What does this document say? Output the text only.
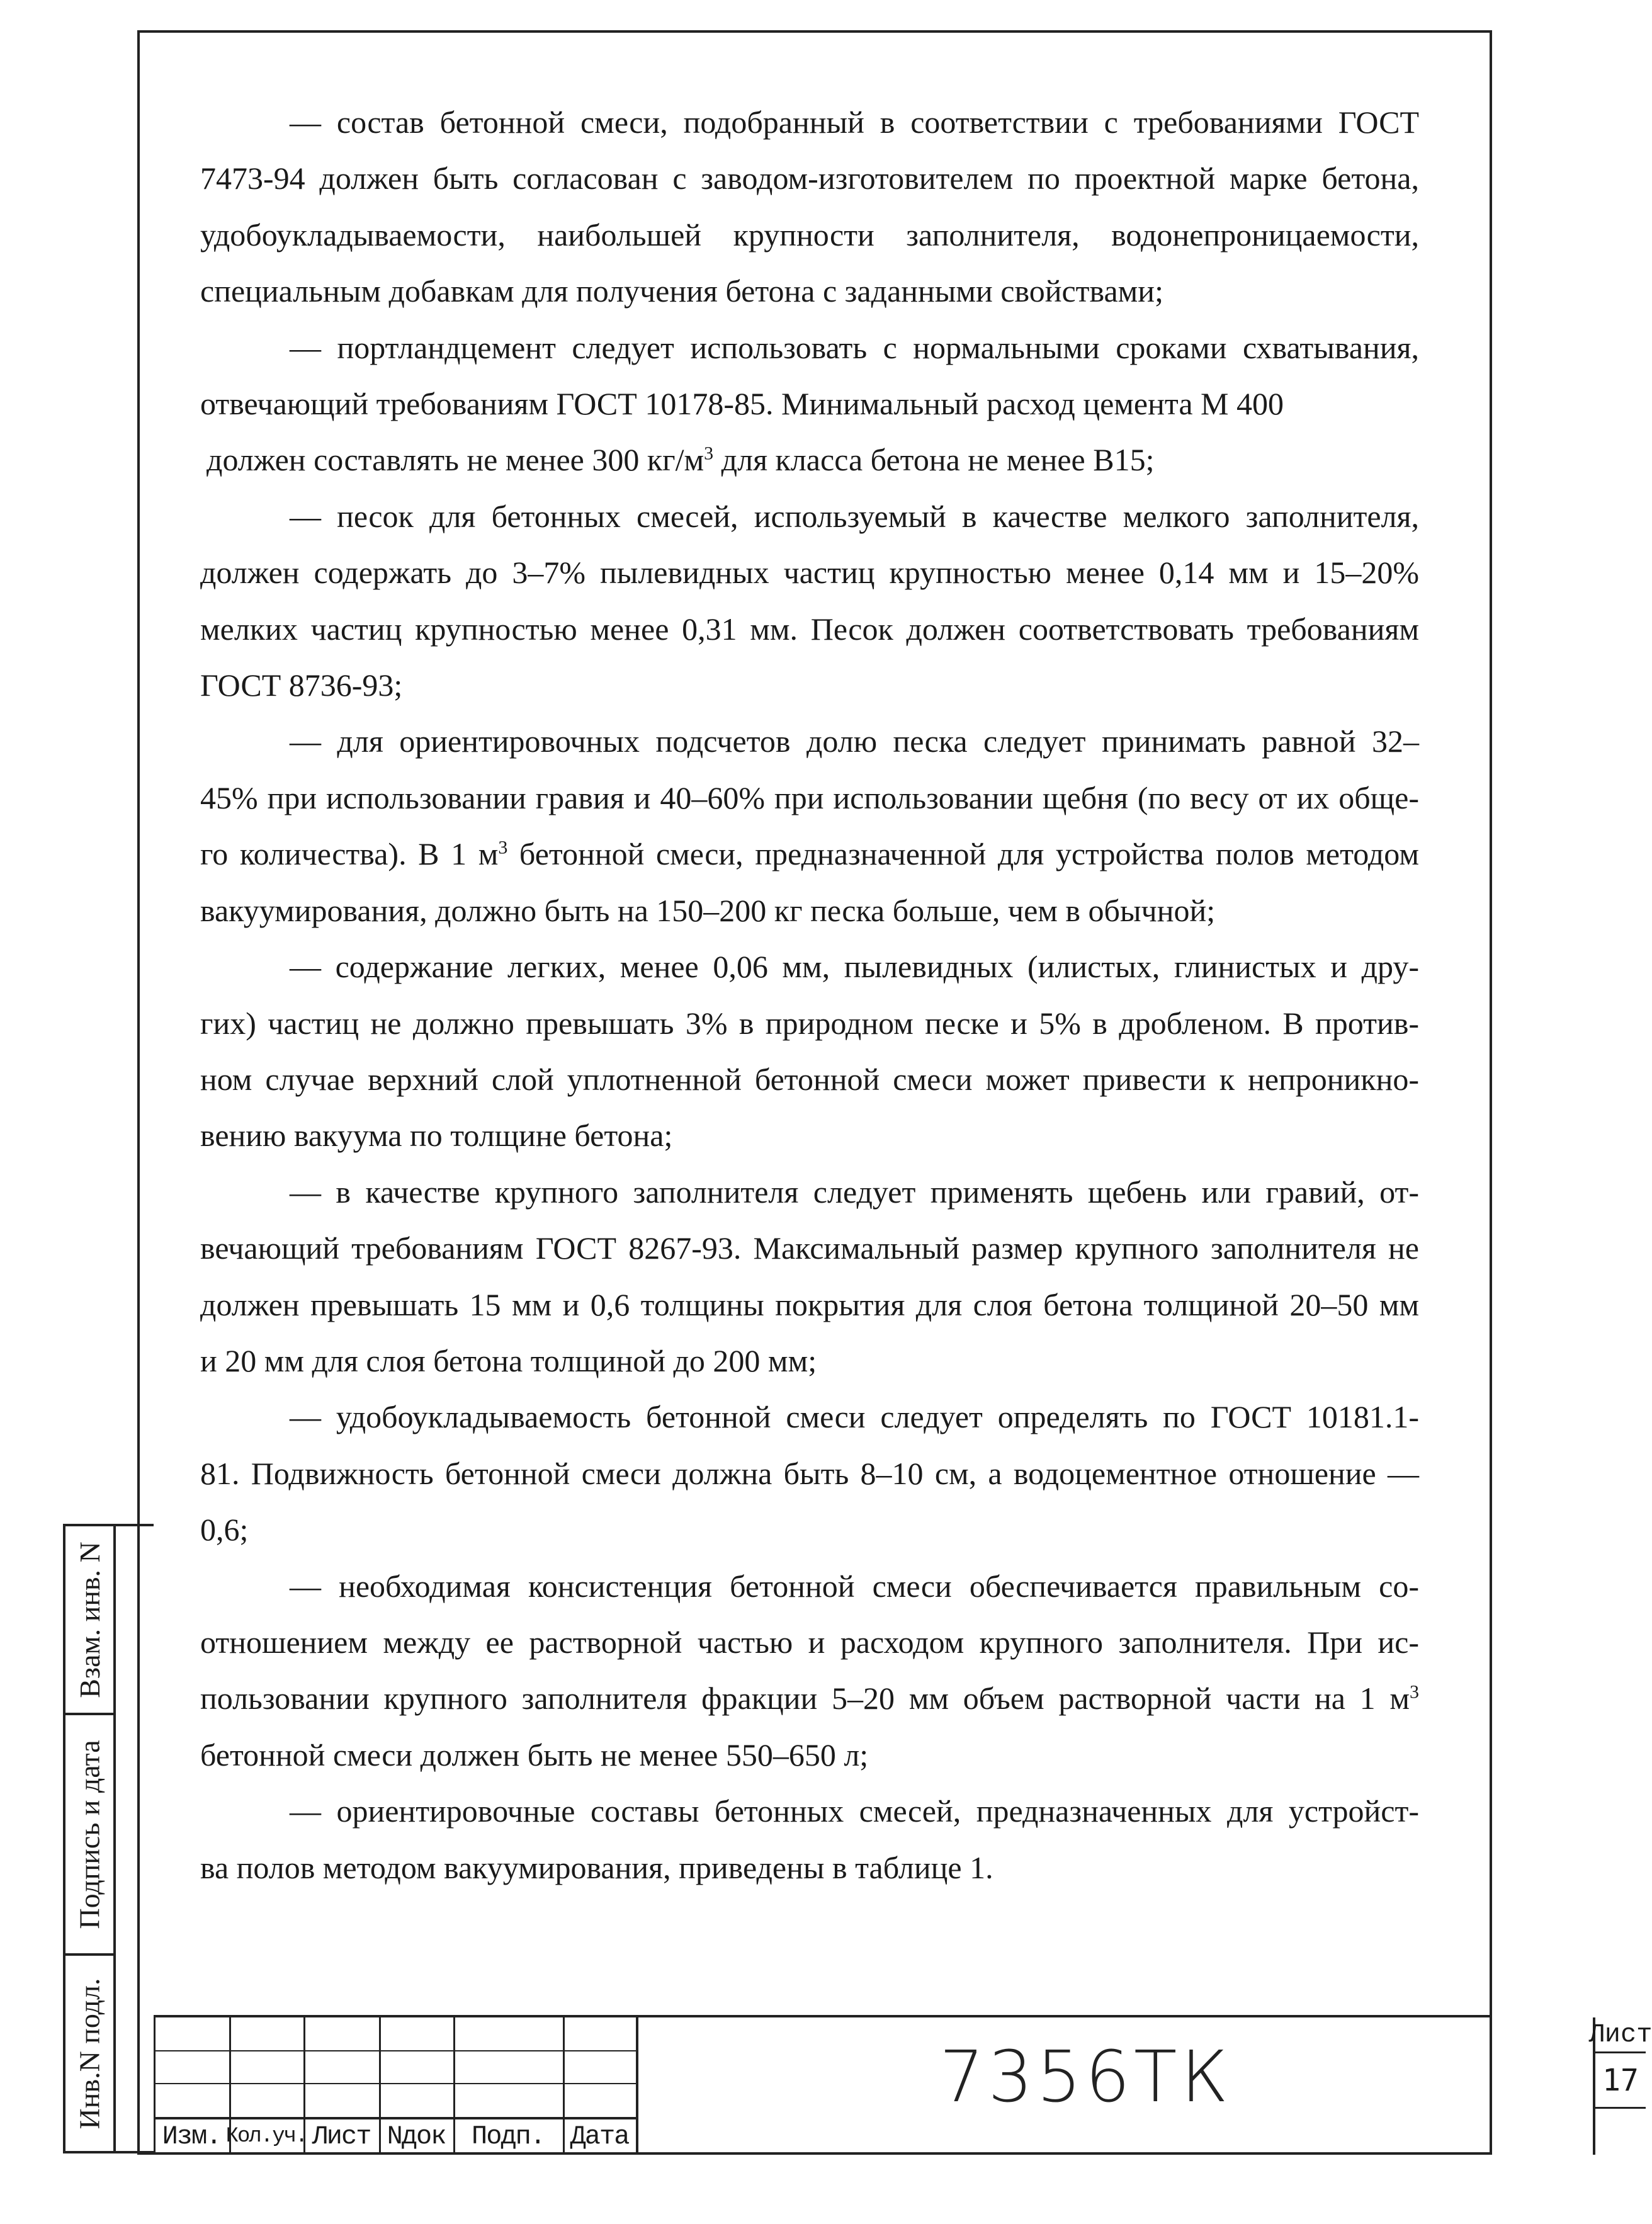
— состав бетонной смеси, подобранный в соответствии с требованиями ГОСТ
7473-94 должен быть согласован с заводом-изготовителем по проектной марке бетона,
удобоукладываемости, наибольшей крупности заполнителя, водонепроницаемости,
специальным добавкам для получения бетона с заданными свойствами;

— портландцемент следует использовать с нормальными сроками схватывания,
отвечающий требованиям ГОСТ 10178-85. Минимальный расход цемента М 400
должен составлять не менее 300 $кг/м^3$ для класса бетона не менее В15;

— песок для бетонных смесей, используемый в качестве мелкого заполнителя,
должен содержать до 3–7% пылевидных частиц крупностью менее 0,14 мм и 15–20%
мелких частиц крупностью менее 0,31 мм. Песок должен соответствовать требованиям
ГОСТ 8736-93;

— для ориентировочных подсчетов долю песка следует принимать равной 32–
45% при использовании гравия и 40–60% при использовании щебня (по весу от их обще-
го количества). В 1 $м^3$ бетонной смеси, предназначенной для устройства полов методом
вакуумирования, должно быть на 150–200 кг песка больше, чем в обычной;

— содержание легких, менее 0,06 мм, пылевидных (илистых, глинистых и дру-
гих) частиц не должно превышать 3% в природном песке и 5% в дробленом. В против-
ном случае верхний слой уплотненной бетонной смеси может привести к непроникно-
вению вакуума по толщине бетона;

— в качестве крупного заполнителя следует применять щебень или гравий, от-
вечающий требованиям ГОСТ 8267-93. Максимальный размер крупного заполнителя не
должен превышать 15 мм и 0,6 толщины покрытия для слоя бетона толщиной 20–50 мм
и 20 мм для слоя бетона толщиной до 200 мм;

— удобоукладываемость бетонной смеси следует определять по ГОСТ 10181.1-
81. Подвижность бетонной смеси должна быть 8–10 см, а водоцементное отношение —
0,6;

— необходимая консистенция бетонной смеси обеспечивается правильным со-
отношением между ее растворной частью и расходом крупного заполнителя. При ис-
пользовании крупного заполнителя фракции 5–20 мм объем растворной части на 1 $м^3$
бетонной смеси должен быть не менее 550–650 л;

— ориентировочные составы бетонных смесей, предназначенных для устройст-
ва полов методом вакуумирования, приведены в таблице 1.

Взам. инв. N
Подпись и дата
Инв.N подл.
Изм. Кол.уч. Лист Nдок Подп. Дата
7356ТК
Лист
17
